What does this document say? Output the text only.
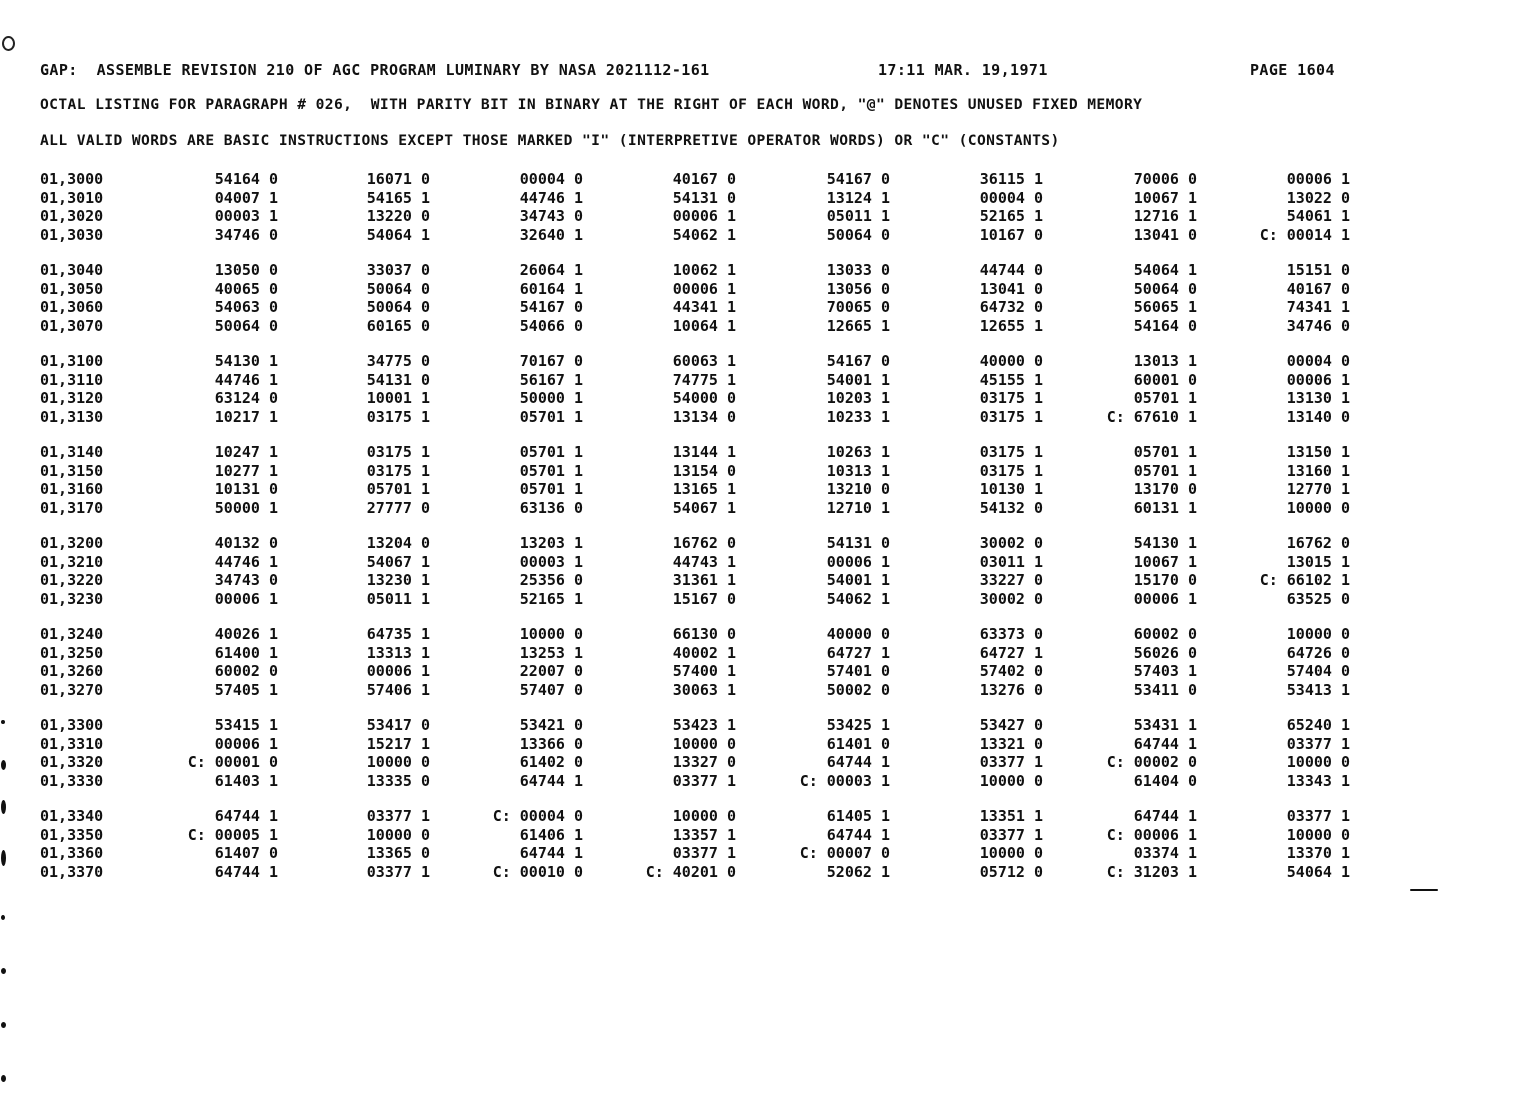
GAP:  ASSEMBLE REVISION 210 OF AGC PROGRAM LUMINARY BY NASA 2021112-161	17:11 MAR. 19,1971	PAGE 1604
OCTAL LISTING FOR PARAGRAPH # 026,  WITH PARITY BIT IN BINARY AT THE RIGHT OF EACH WORD, "@" DENOTES UNUSED FIXED MEMORY
ALL VALID WORDS ARE BASIC INSTRUCTIONS EXCEPT THOSE MARKED "I" (INTERPRETIVE OPERATOR WORDS) OR "C" (CONSTANTS)
01,3000	54164 0	16071 0	00004 0	40167 0	54167 0	36115 1	70006 0	00006 1
01,3010	04007 1	54165 1	44746 1	54131 0	13124 1	00004 0	10067 1	13022 0
01,3020	00003 1	13220 0	34743 0	00006 1	05011 1	52165 1	12716 1	54061 1
01,3030	34746 0	54064 1	32640 1	54062 1	50064 0	10167 0	13041 0	C: 00014 1
01,3040	13050 0	33037 0	26064 1	10062 1	13033 0	44744 0	54064 1	15151 0
01,3050	40065 0	50064 0	60164 1	00006 1	13056 0	13041 0	50064 0	40167 0
01,3060	54063 0	50064 0	54167 0	44341 1	70065 0	64732 0	56065 1	74341 1
01,3070	50064 0	60165 0	54066 0	10064 1	12665 1	12655 1	54164 0	34746 0
01,3100	54130 1	34775 0	70167 0	60063 1	54167 0	40000 0	13013 1	00004 0
01,3110	44746 1	54131 0	56167 1	74775 1	54001 1	45155 1	60001 0	00006 1
01,3120	63124 0	10001 1	50000 1	54000 0	10203 1	03175 1	05701 1	13130 1
01,3130	10217 1	03175 1	05701 1	13134 0	10233 1	03175 1	C: 67610 1	13140 0
01,3140	10247 1	03175 1	05701 1	13144 1	10263 1	03175 1	05701 1	13150 1
01,3150	10277 1	03175 1	05701 1	13154 0	10313 1	03175 1	05701 1	13160 1
01,3160	10131 0	05701 1	05701 1	13165 1	13210 0	10130 1	13170 0	12770 1
01,3170	50000 1	27777 0	63136 0	54067 1	12710 1	54132 0	60131 1	10000 0
01,3200	40132 0	13204 0	13203 1	16762 0	54131 0	30002 0	54130 1	16762 0
01,3210	44746 1	54067 1	00003 1	44743 1	00006 1	03011 1	10067 1	13015 1
01,3220	34743 0	13230 1	25356 0	31361 1	54001 1	33227 0	15170 0	C: 66102 1
01,3230	00006 1	05011 1	52165 1	15167 0	54062 1	30002 0	00006 1	63525 0
01,3240	40026 1	64735 1	10000 0	66130 0	40000 0	63373 0	60002 0	10000 0
01,3250	61400 1	13313 1	13253 1	40002 1	64727 1	64727 1	56026 0	64726 0
01,3260	60002 0	00006 1	22007 0	57400 1	57401 0	57402 0	57403 1	57404 0
01,3270	57405 1	57406 1	57407 0	30063 1	50002 0	13276 0	53411 0	53413 1
01,3300	53415 1	53417 0	53421 0	53423 1	53425 1	53427 0	53431 1	65240 1
01,3310	00006 1	15217 1	13366 0	10000 0	61401 0	13321 0	64744 1	03377 1
01,3320	C: 00001 0	10000 0	61402 0	13327 0	64744 1	03377 1	C: 00002 0	10000 0
01,3330	61403 1	13335 0	64744 1	03377 1	C: 00003 1	10000 0	61404 0	13343 1
01,3340	64744 1	03377 1	C: 00004 0	10000 0	61405 1	13351 1	64744 1	03377 1
01,3350	C: 00005 1	10000 0	61406 1	13357 1	64744 1	03377 1	C: 00006 1	10000 0
01,3360	61407 0	13365 0	64744 1	03377 1	C: 00007 0	10000 0	03374 1	13370 1
01,3370	64744 1	03377 1	C: 00010 0	C: 40201 0	52062 1	05712 0	C: 31203 1	54064 1
